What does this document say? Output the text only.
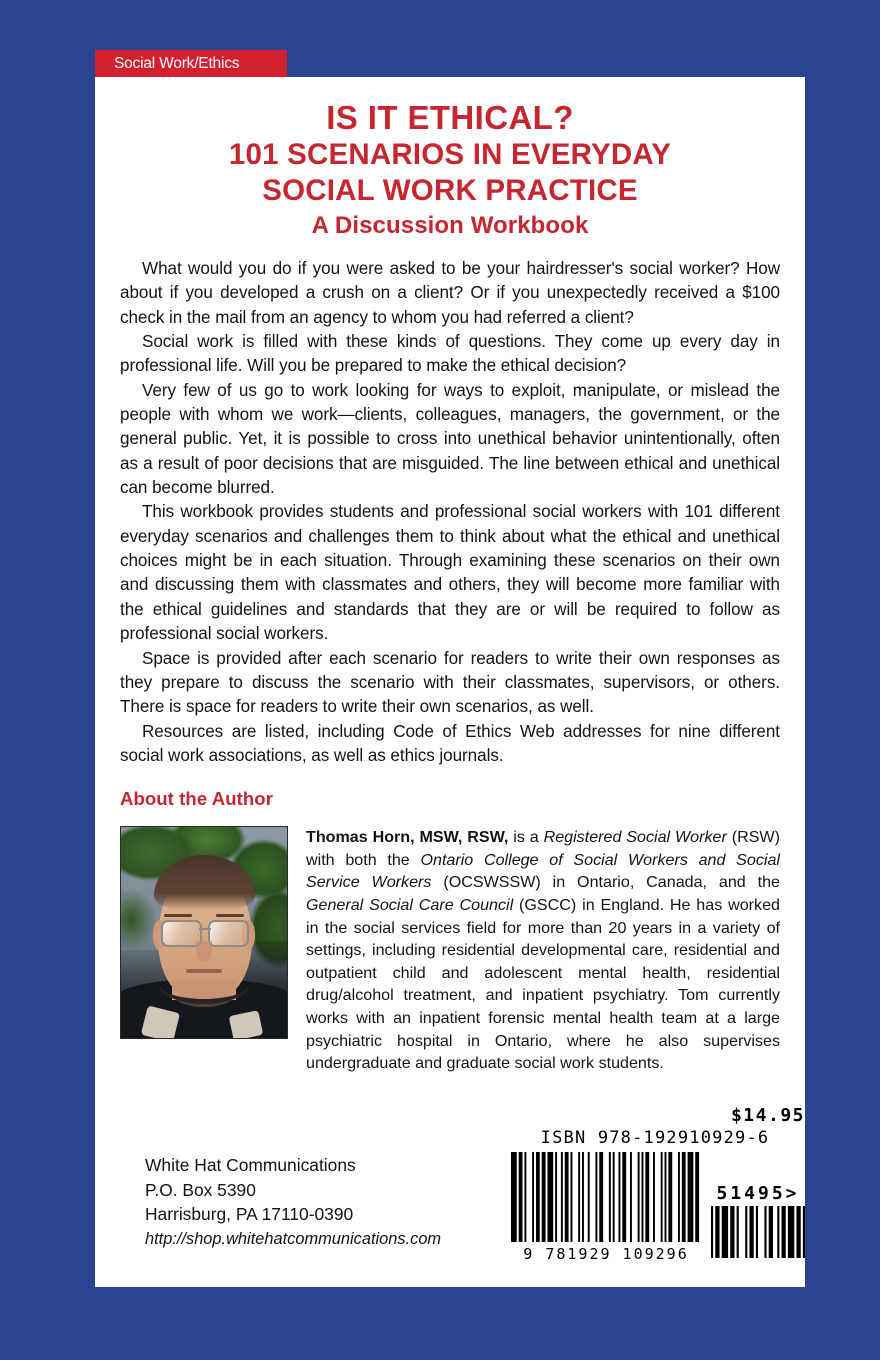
Social Work/Ethics
IS IT ETHICAL?
101 SCENARIOS IN EVERYDAY
SOCIAL WORK PRACTICE
A Discussion Workbook

What would you do if you were asked to be your hairdresser's social worker? How about if you developed a crush on a client? Or if you unexpectedly received a $100 check in the mail from an agency to whom you had referred a client?

Social work is filled with these kinds of questions. They come up every day in professional life. Will you be prepared to make the ethical decision?

Very few of us go to work looking for ways to exploit, manipulate, or mislead the people with whom we work—clients, colleagues, managers, the government, or the general public. Yet, it is possible to cross into unethical behavior unintentionally, often as a result of poor decisions that are misguided. The line between ethical and unethical can become blurred.

This workbook provides students and professional social workers with 101 different everyday scenarios and challenges them to think about what the ethical and unethical choices might be in each situation. Through examining these scenarios on their own and discussing them with classmates and others, they will become more familiar with the ethical guidelines and standards that they are or will be required to follow as professional social workers.

Space is provided after each scenario for readers to write their own responses as they prepare to discuss the scenario with their classmates, supervisors, or others. There is space for readers to write their own scenarios, as well.

Resources are listed, including Code of Ethics Web addresses for nine different social work associations, as well as ethics journals.

About the Author
Thomas Horn, MSW, RSW, is a Registered Social Worker (RSW) with both the Ontario College of Social Workers and Social Service Workers (OCSWSSW) in Ontario, Canada, and the General Social Care Council (GSCC) in England. He has worked in the social services field for more than 20 years in a variety of settings, including residential developmental care, residential and outpatient child and adolescent mental health, residential drug/alcohol treatment, and inpatient psychiatry. Tom currently works with an inpatient forensic mental health team at a large psychiatric hospital in Ontario, where he also supervises undergraduate and graduate social work students.
White Hat Communications
P.O. Box 5390
Harrisburg, PA 17110-0390
http://shop.whitehatcommunications.com
$14.95
ISBN 978-192910929-6
9 781929 109296
51495>
